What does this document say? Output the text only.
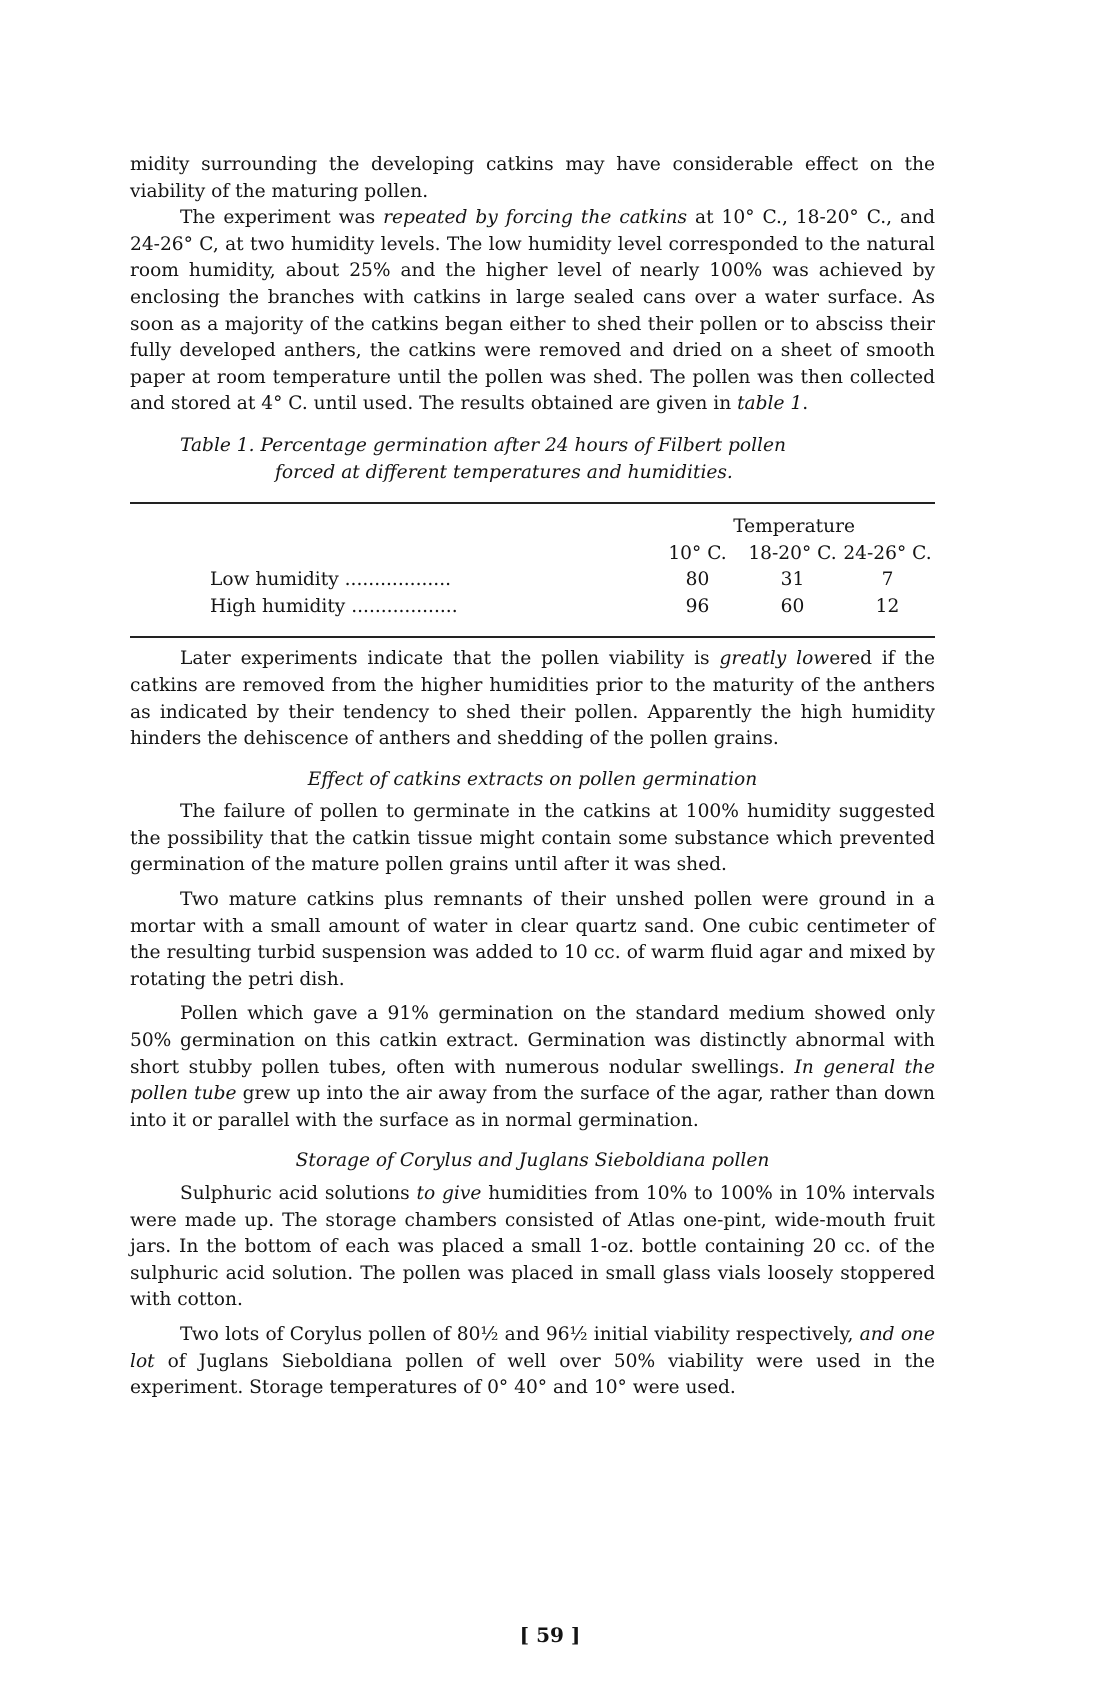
midity surrounding the developing catkins may have considerable effect on the viability of the maturing pollen.

The experiment was repeated by forcing the catkins at 10° C., 18-20° C., and 24-26° C, at two humidity levels. The low humidity level corresponded to the natural room humidity, about 25% and the higher level of nearly 100% was achieved by enclosing the branches with catkins in large sealed cans over a water surface. As soon as a majority of the catkins began either to shed their pollen or to absciss their fully developed anthers, the catkins were removed and dried on a sheet of smooth paper at room temperature until the pollen was shed. The pollen was then collected and stored at 4° C. until used. The results obtained are given in table 1.

Table 1. Percentage germination after 24 hours of Filbert pollen
forced at different temperatures and humidities.

	Temperature		
	10° C.	18-20° C.	24-26° C.
Low humidity ..................	80	31	7
High humidity ..................	96	60	12

Later experiments indicate that the pollen viability is greatly lowered if the catkins are removed from the higher humidities prior to the maturity of the anthers as indicated by their tendency to shed their pollen. Apparently the high humidity hinders the dehiscence of anthers and shedding of the pollen grains.

Effect of catkins extracts on pollen germination

The failure of pollen to germinate in the catkins at 100% humidity suggested the possibility that the catkin tissue might contain some substance which prevented germination of the mature pollen grains until after it was shed.

Two mature catkins plus remnants of their unshed pollen were ground in a mortar with a small amount of water in clear quartz sand. One cubic centimeter of the resulting turbid suspension was added to 10 cc. of warm fluid agar and mixed by rotating the petri dish.

Pollen which gave a 91% germination on the standard medium showed only 50% germination on this catkin extract. Germination was distinctly abnormal with short stubby pollen tubes, often with numerous nodular swellings. In general the pollen tube grew up into the air away from the surface of the agar, rather than down into it or parallel with the surface as in normal germination.

Storage of Corylus and Juglans Sieboldiana pollen

Sulphuric acid solutions to give humidities from 10% to 100% in 10% intervals were made up. The storage chambers consisted of Atlas one-pint, wide-mouth fruit jars. In the bottom of each was placed a small 1-oz. bottle containing 20 cc. of the sulphuric acid solution. The pollen was placed in small glass vials loosely stoppered with cotton.

Two lots of Corylus pollen of 80½ and 96½ initial viability respectively, and one lot of Juglans Sieboldiana pollen of well over 50% viability were used in the experiment. Storage temperatures of 0° 40° and 10° were used.

[ 59 ]
